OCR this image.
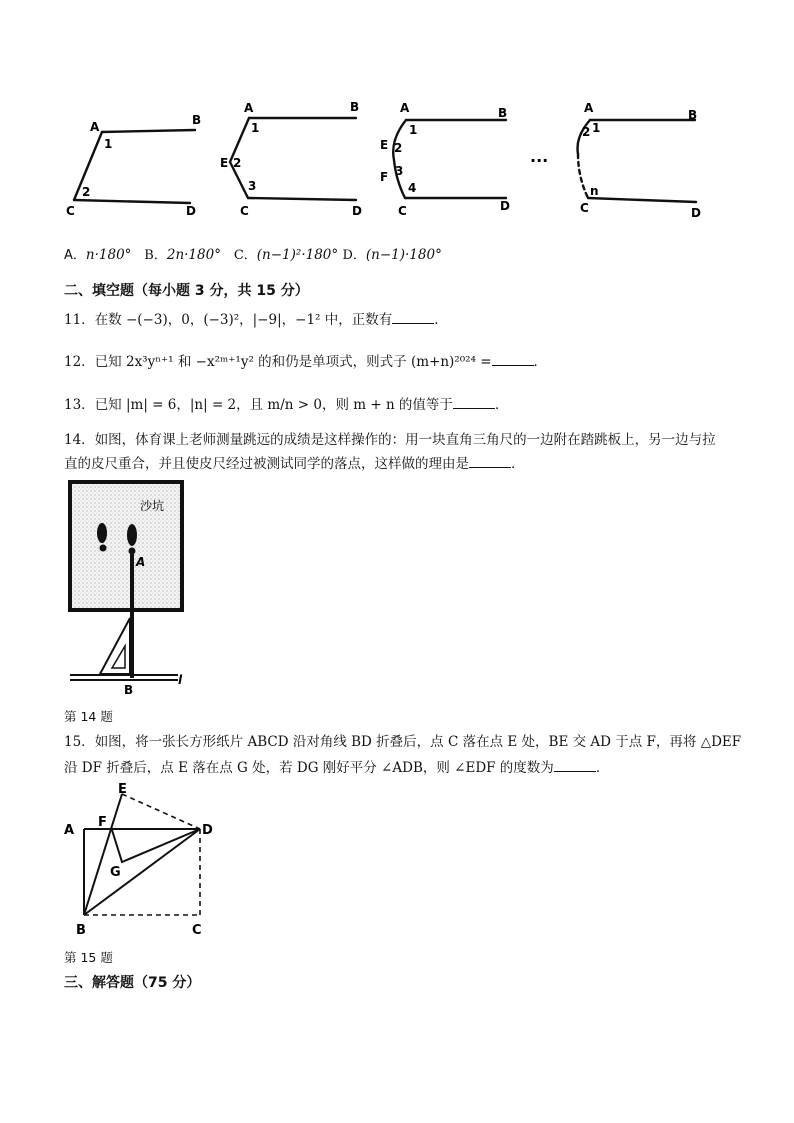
A	B
C	D
1
2
A	B
E
C	D
1
2
3
A	B
E
F
C	D
1
2
3
4
···
A	B
C	D
1
2
n
A．n·180° B．2n·180° C．(n−1)²·180° D．(n−1)·180°
二、填空题（每小题 3 分，共 15 分）
11．在数 −(−3)，0，(−3)²，|−9|，−1² 中，正数有	．
12．已知 2x³yⁿ⁺¹ 和 −x²ᵐ⁺¹y² 的和仍是单项式，则式子 (m+n)²⁰²⁴ =	．
13．已知 |m| = 6，|n| = 2，且 m/n > 0，则 m + n 的值等于	．
14．如图，体育课上老师测量跳远的成绩是这样操作的：用一块直角三角尺的一边附在踏跳板上，另一边与拉
直的皮尺重合，并且使皮尺经过被测试同学的落点，这样做的理由是	．
沙坑
A
B
l
第 14 题
15．如图，将一张长方形纸片 ABCD 沿对角线 BD 折叠后，点 C 落在点 E 处，BE 交 AD 于点 F，再将 △DEF
沿 DF 折叠后，点 E 落在点 G 处，若 DG 刚好平分 ∠ADB，则 ∠EDF 的度数为	．
A
F
E
D
G
B	C
第 15 题
三、解答题（75 分）
